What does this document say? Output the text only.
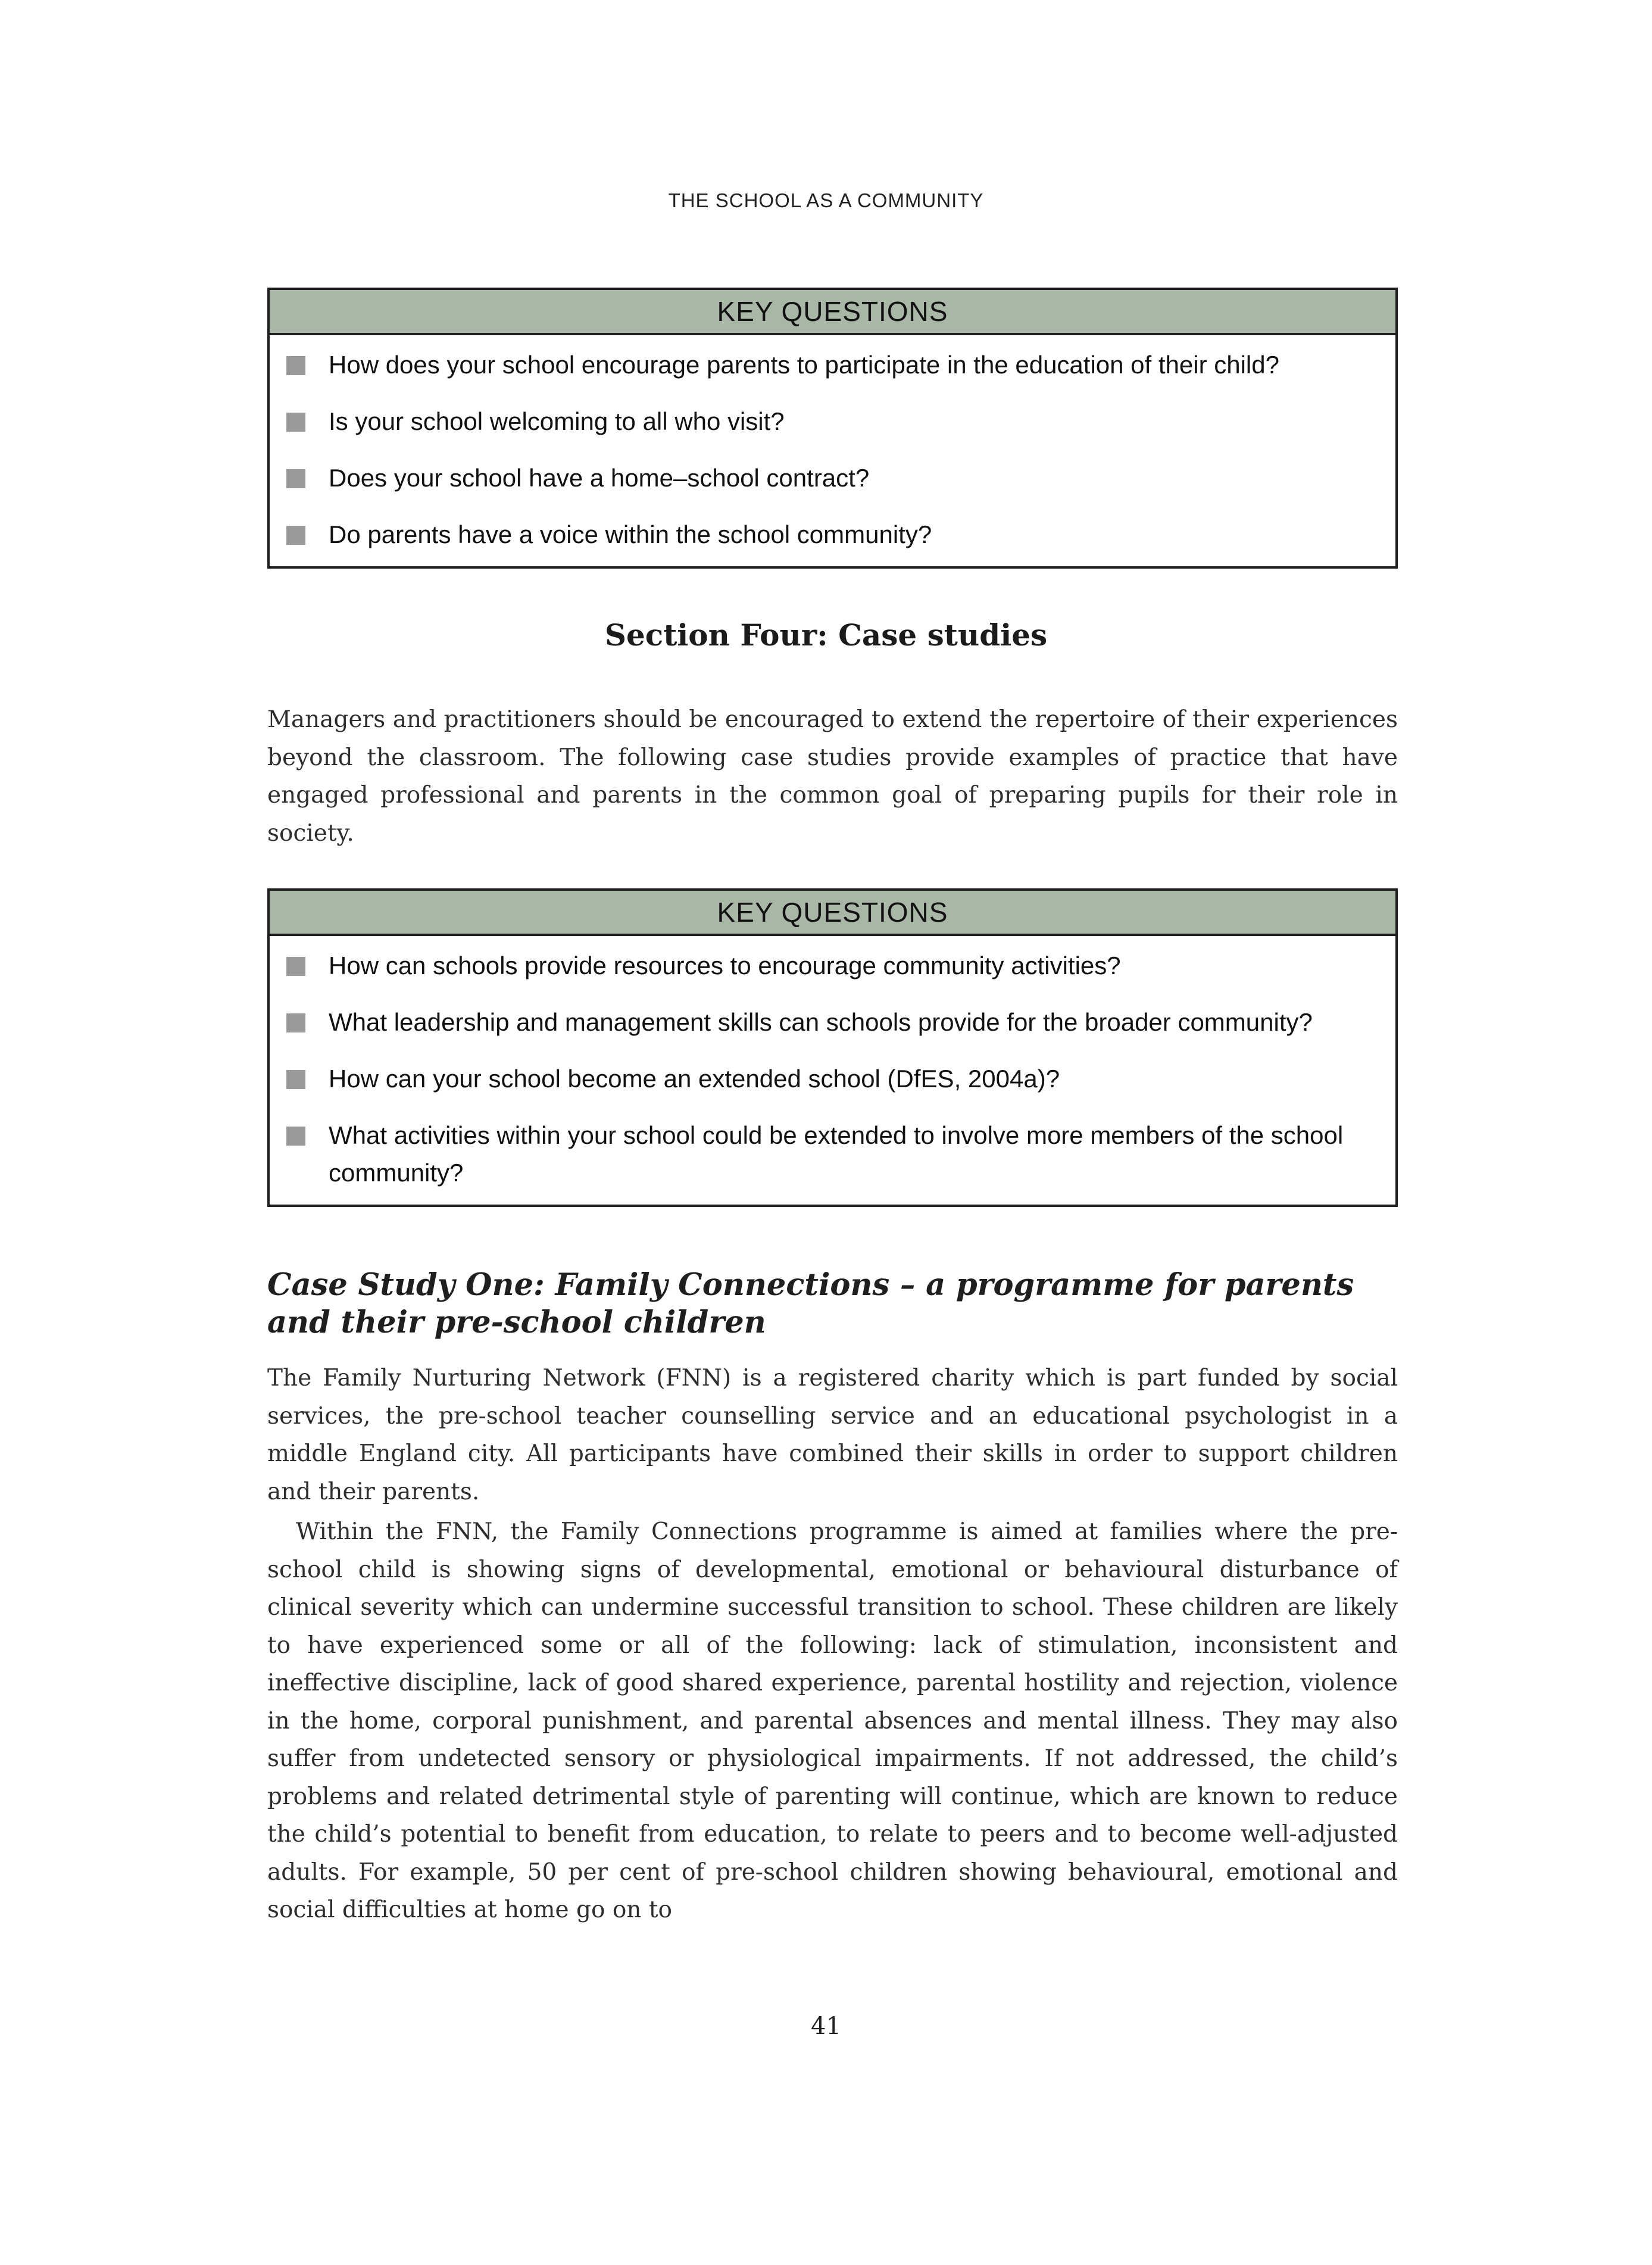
THE SCHOOL AS A COMMUNITY
KEY QUESTIONS
How does your school encourage parents to participate in the education of their child?
Is your school welcoming to all who visit?
Does your school have a home–school contract?
Do parents have a voice within the school community?
Section Four: Case studies

Managers and practitioners should be encouraged to extend the repertoire of their experiences beyond the classroom. The following case studies provide examples of practice that have engaged professional and parents in the common goal of preparing pupils for their role in society.

KEY QUESTIONS
How can schools provide resources to encourage community activities?
What leadership and management skills can schools provide for the broader community?
How can your school become an extended school (DfES, 2004a)?
What activities within your school could be extended to involve more members of the school community?
Case Study One: Family Connections – a programme for parents and their pre-school children

The Family Nurturing Network (FNN) is a registered charity which is part funded by social services, the pre-school teacher counselling service and an educational psychologist in a middle England city. All participants have combined their skills in order to support children and their parents.

Within the FNN, the Family Connections programme is aimed at families where the pre-school child is showing signs of developmental, emotional or behavioural disturbance of clinical severity which can undermine successful transition to school. These children are likely to have experienced some or all of the following: lack of stimulation, inconsistent and ineffective discipline, lack of good shared experience, parental hostility and rejection, violence in the home, corporal punishment, and parental absences and mental illness. They may also suffer from undetected sensory or physiological impairments. If not addressed, the child’s problems and related detrimental style of parenting will continue, which are known to reduce the child’s potential to benefit from education, to relate to peers and to become well-adjusted adults. For example, 50 per cent of pre-school children showing behavioural, emotional and social difficulties at home go on to

41
